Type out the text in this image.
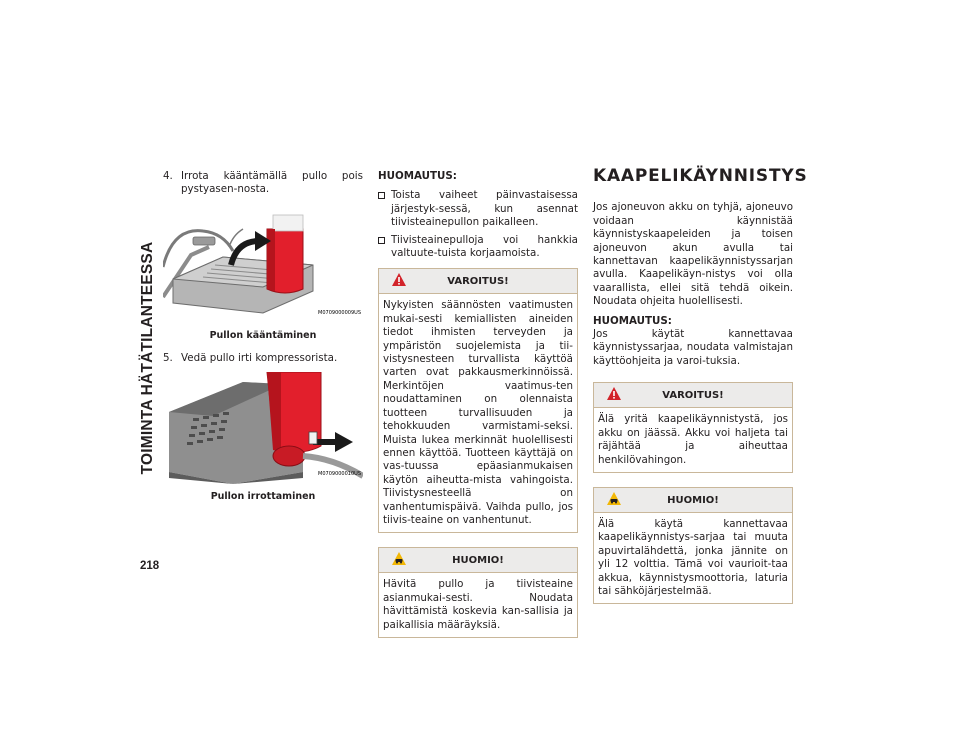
TOIMINTA HÄTÄTILANTEESSA
218
4. Irrota kääntämällä pullo pois pystyasen-nosta.
M0709000009US
Pullon kääntäminen
5. Vedä pullo irti kompressorista.
M0709000010US
Pullon irrottaminen

HUOMAUTUS:

Toista vaiheet päinvastaisessa järjestyk-sessä, kun asennat tiivisteainepullon paikalleen.
Tiivisteainepulloja voi hankkia valtuute-tuista korjaamoista.
VAROITUS!
Nykyisten säännösten vaatimusten mukai-sesti kemiallisten aineiden tiedot ihmisten terveyden ja ympäristön suojelemista ja tii-vistysnesteen turvallista käyttöä varten ovat pakkausmerkinnöissä. Merkintöjen vaatimus-ten noudattaminen on olennaista tuotteen turvallisuuden ja tehokkuuden varmistami-seksi. Muista lukea merkinnät huolellisesti ennen käyttöä. Tuotteen käyttäjä on vas-tuussa epäasianmukaisen käytön aiheutta-mista vahingoista. Tiivistysnesteellä on vanhentumispäivä. Vaihda pullo, jos tiivis-teaine on vanhentunut.
HUOMIO!
Hävitä pullo ja tiivisteaine asianmukai-sesti. Noudata hävittämistä koskevia kan-sallisia ja paikallisia määräyksiä.
KAAPELIKÄYNNISTYS

Jos ajoneuvon akku on tyhjä, ajoneuvo voidaan käynnistää käynnistyskaapeleiden ja toisen ajoneuvon akun avulla tai kannettavan kaapelikäynnistyssarjan avulla. Kaapelikäyn-nistys voi olla vaarallista, ellei sitä tehdä oikein. Noudata ohjeita huolellisesti.

HUOMAUTUS:

Jos käytät kannettavaa käynnistyssarjaa, noudata valmistajan käyttöohjeita ja varoi-tuksia.

VAROITUS!
Älä yritä kaapelikäynnistystä, jos akku on jäässä. Akku voi haljeta tai räjähtää ja aiheuttaa henkilövahingon.
HUOMIO!
Älä käytä kannettavaa kaapelikäynnistys-sarjaa tai muuta apuvirtalähdettä, jonka jännite on yli 12 volttia. Tämä voi vaurioit-taa akkua, käynnistysmoottoria, laturia tai sähköjärjestelmää.
